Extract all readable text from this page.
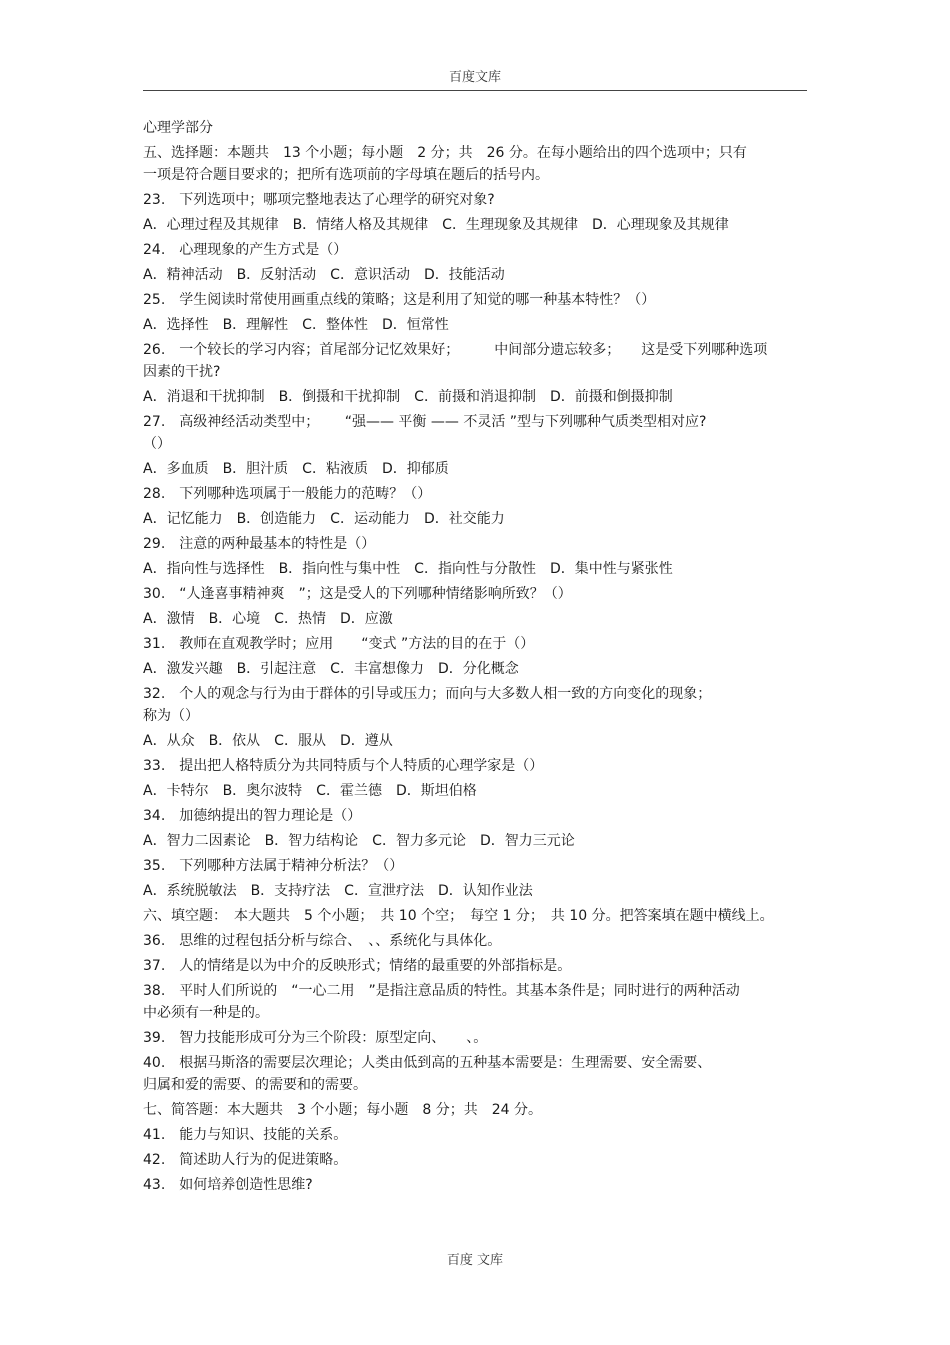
百度文库
心理学部分
五、选择题：本题共　13 个小题；每小题　2 分；共　26 分。在每小题给出的四个选项中；只有
一项是符合题目要求的；把所有选项前的字母填在题后的括号内。
23.　下列选项中；哪项完整地表达了心理学的研究对象?
A．心理过程及其规律　B．情绪人格及其规律　C．生理现象及其规律　D．心理现象及其规律
24.　心理现象的产生方式是（）
A．精神活动　B．反射活动　C．意识活动　D．技能活动
25.　学生阅读时常使用画重点线的策略；这是利用了知觉的哪一种基本特性？（）
A．选择性　B．理解性　C．整体性　D．恒常性
26.　一个较长的学习内容；首尾部分记忆效果好；　　　中间部分遗忘较多；　　这是受下列哪种选项
因素的干扰?
A．消退和干扰抑制　B．倒摄和干扰抑制　C．前摄和消退抑制　D．前摄和倒摄抑制
27.　高级神经活动类型中；　　 “强—— 平衡 —— 不灵活 ”型与下列哪种气质类型相对应?
（）
A．多血质　B．胆汁质　C．粘液质　D．抑郁质
28.　下列哪种选项属于一般能力的范畴？（）
A．记忆能力　B．创造能力　C．运动能力　D．社交能力
29.　注意的两种最基本的特性是（）
A．指向性与选择性　B．指向性与集中性　C．指向性与分散性　D．集中性与紧张性
30.　“人逢喜事精神爽　”；这是受人的下列哪种情绪影响所致？（）
A．激情　B．心境　C．热情　D．应激
31.　教师在直观教学时；应用　　“变式 ”方法的目的在于（）
A．激发兴趣　B．引起注意　C．丰富想像力　D．分化概念
32.　个人的观念与行为由于群体的引导或压力；而向与大多数人相一致的方向变化的现象；
称为（）
A．从众　B．依从　C．服从　D．遵从
33.　提出把人格特质分为共同特质与个人特质的心理学家是（）
A．卡特尔　B．奥尔波特　C．霍兰德　D．斯坦伯格
34.　加德纳提出的智力理论是（）
A．智力二因素论　B．智力结构论　C．智力多元论　D．智力三元论
35.　下列哪种方法属于精神分析法？（）
A．系统脱敏法　B．支持疗法　C．宣泄疗法　D．认知作业法
六、填空题：　本大题共　5 个小题；　共 10 个空；　每空 1 分；　共 10 分。把答案填在题中横线上。
36.　思维的过程包括分析与综合、　、、系统化与具体化。
37.　人的情绪是以为中介的反映形式；情绪的最重要的外部指标是。
38.　平时人们所说的　“一心二用　”是指注意品质的特性。其基本条件是；同时进行的两种活动
中必须有一种是的。
39.　智力技能形成可分为三个阶段：原型定向、　　、。
40.　根据马斯洛的需要层次理论；人类由低到高的五种基本需要是：生理需要、安全需要、
归属和爱的需要、的需要和的需要。
七、简答题：本大题共　3 个小题；每小题　8 分；共　24 分。
41.　能力与知识、技能的关系。
42.　简述助人行为的促进策略。
43.　如何培养创造性思维?
百度 文库
